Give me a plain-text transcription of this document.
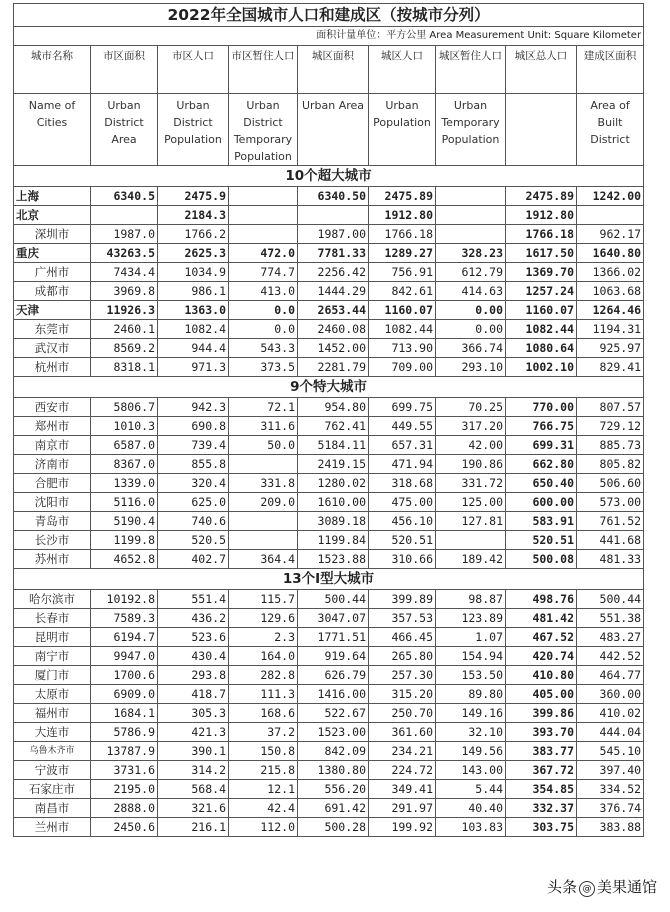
2022年全国城市人口和建成区（按城市分列）								
面积计量单位：平方公里 Area Measurement Unit: Square Kilometer								
城市名称	市区面积	市区人口	市区暂住人口	城区面积	城区人口	城区暂住人口	城区总人口	建成区面积
Name of Cities	Urban District Area	Urban District Population	Urban District Temporary Population	Urban Area	Urban Population	Urban Temporary Population		Area of Built District
10个超大城市								
上海	6340.5	2475.9		6340.50	2475.89		2475.89	1242.00
北京		2184.3			1912.80		1912.80	
深圳市	1987.0	1766.2		1987.00	1766.18		1766.18	962.17
重庆	43263.5	2625.3	472.0	7781.33	1289.27	328.23	1617.50	1640.80
广州市	7434.4	1034.9	774.7	2256.42	756.91	612.79	1369.70	1366.02
成都市	3969.8	986.1	413.0	1444.29	842.61	414.63	1257.24	1063.68
天津	11926.3	1363.0	0.0	2653.44	1160.07	0.00	1160.07	1264.46
东莞市	2460.1	1082.4	0.0	2460.08	1082.44	0.00	1082.44	1194.31
武汉市	8569.2	944.4	543.3	1452.00	713.90	366.74	1080.64	925.97
杭州市	8318.1	971.3	373.5	2281.79	709.00	293.10	1002.10	829.41
9个特大城市								
西安市	5806.7	942.3	72.1	954.80	699.75	70.25	770.00	807.57
郑州市	1010.3	690.8	311.6	762.41	449.55	317.20	766.75	729.12
南京市	6587.0	739.4	50.0	5184.11	657.31	42.00	699.31	885.73
济南市	8367.0	855.8		2419.15	471.94	190.86	662.80	805.82
合肥市	1339.0	320.4	331.8	1280.02	318.68	331.72	650.40	506.60
沈阳市	5116.0	625.0	209.0	1610.00	475.00	125.00	600.00	573.00
青岛市	5190.4	740.6		3089.18	456.10	127.81	583.91	761.52
长沙市	1199.8	520.5		1199.84	520.51		520.51	441.68
苏州市	4652.8	402.7	364.4	1523.88	310.66	189.42	500.08	481.33
13个I型大城市								
哈尔滨市	10192.8	551.4	115.7	500.44	399.89	98.87	498.76	500.44
长春市	7589.3	436.2	129.6	3047.07	357.53	123.89	481.42	551.38
昆明市	6194.7	523.6	2.3	1771.51	466.45	1.07	467.52	483.27
南宁市	9947.0	430.4	164.0	919.64	265.80	154.94	420.74	442.52
厦门市	1700.6	293.8	282.8	626.79	257.30	153.50	410.80	464.77
太原市	6909.0	418.7	111.3	1416.00	315.20	89.80	405.00	360.00
福州市	1684.1	305.3	168.6	522.67	250.70	149.16	399.86	410.02
大连市	5786.9	421.3	37.2	1523.00	361.60	32.10	393.70	444.04
乌鲁木齐市	13787.9	390.1	150.8	842.09	234.21	149.56	383.77	545.10
宁波市	3731.6	314.2	215.8	1380.80	224.72	143.00	367.72	397.40
石家庄市	2195.0	568.4	12.1	556.20	349.41	5.44	354.85	334.52
南昌市	2888.0	321.6	42.4	691.42	291.97	40.40	332.37	376.74
兰州市	2450.6	216.1	112.0	500.28	199.92	103.83	303.75	383.88
头条 @ 美果通馆
